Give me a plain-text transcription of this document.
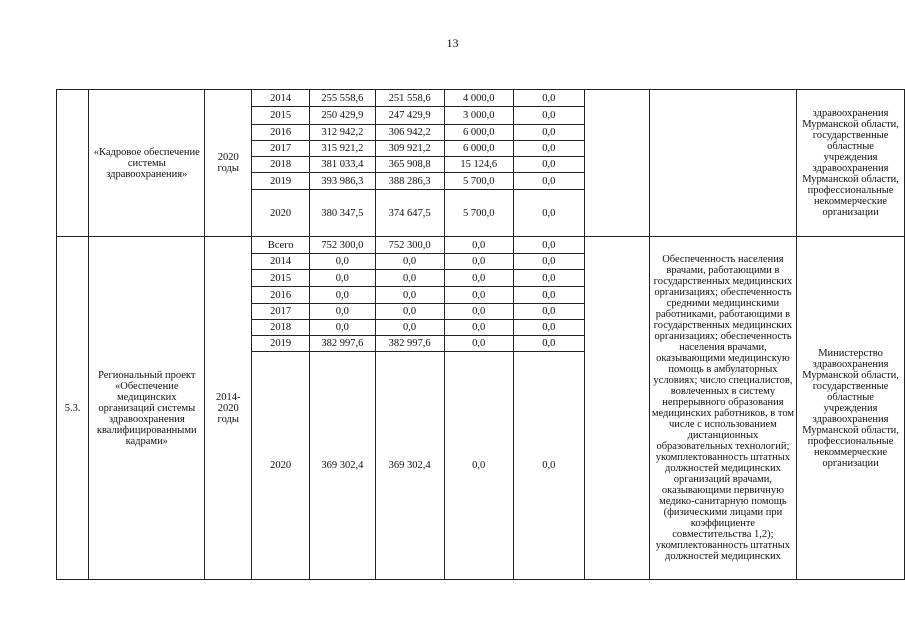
13
	«Кадровое обеспечение системы здравоохранения»	2020 годы	2014	255 558,6	251 558,6	4 000,0	0,0			здравоохранения Мурманской области, государственные областные учреждения здравоохранения Мурманской области, профессиональные некоммерческие организации
			2015	250 429,9	247 429,9	3 000,0	0,0			
			2016	312 942,2	306 942,2	6 000,0	0,0			
			2017	315 921,2	309 921,2	6 000,0	0,0			
			2018	381 033,4	365 908,8	15 124,6	0,0			
			2019	393 986,3	388 286,3	5 700,0	0,0			
			2020	380 347,5	374 647,5	5 700,0	0,0			
5.3.	Региональный проект «Обеспечение медицинских организаций системы здравоохранения квалифицированными кадрами»	2014-2020 годы	Всего	752 300,0	752 300,0	0,0	0,0		Обеспеченность населения врачами, работающими в государственных медицинских организациях; обеспеченность средними медицинскими работниками, работающими в государственных медицинских организациях; обеспеченность населения врачами, оказывающими медицинскую помощь в амбулаторных условиях; число специалистов, вовлеченных в систему непрерывного образования медицинских работников, в том числе с использованием дистанционных образовательных технологий; укомплектованность штатных должностей медицинских организаций врачами, оказывающими первичную медико-санитарную помощь (физическими лицами при коэффициенте совместительства 1,2); укомплектованность штатных должностей медицинских	Министерство здравоохранения Мурманской области, государственные областные учреждения здравоохранения Мурманской области, профессиональные некоммерческие организации
			2014	0,0	0,0	0,0	0,0			
			2015	0,0	0,0	0,0	0,0			
			2016	0,0	0,0	0,0	0,0			
			2017	0,0	0,0	0,0	0,0			
			2018	0,0	0,0	0,0	0,0			
			2019	382 997,6	382 997,6	0,0	0,0			
			2020	369 302,4	369 302,4	0,0	0,0			
